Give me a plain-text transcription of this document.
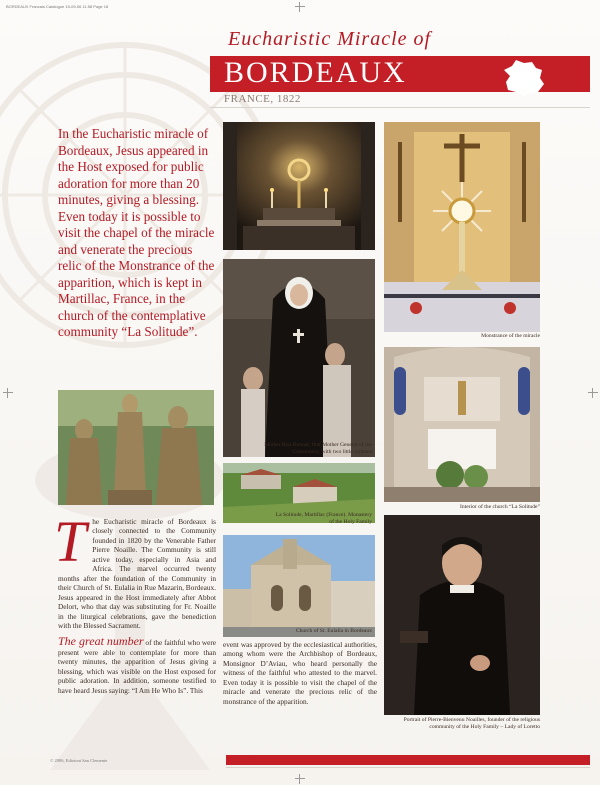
BORDEAUX Francais Catalogue 15-09-06 11:58 Page 18
Eucharistic Miracle of
BORDEAUX
FRANCE, 1822
In the Eucharistic miracle of Bordeaux, Jesus appeared in the Host exposed for public adoration for more than 20 minutes, giving a blessing. Even today it is possible to visit the chapel of the miracle and venerate the precious relic of the Monstrance of the apparition, which is kept in Martillac, France, in the church of the contemplative community “La Solitude”.	Monstrance of the miracle
Mother Rita Bonnat, first Mother General of the Community, with two little orphans
Interior of the church “La Solitude”
La Solitude, Martillac (France). Monastery of the Holy Family
Church of St. Eulalia in Bordeaux
Portrait of Pierre-Bienvenu Noailles, founder of the religious community of the Holy Family – Lady of Loretto

The Eucharistic miracle of Bordeaux is closely connected to the Community founded in 1820 by the Venerable Father Pierre Noaille. The Community is still active today, especially in Asia and Africa. The marvel occurred twenty months after the foundation of the Community in their Church of St. Eulalia in Rue Mazarin, Bordeaux. Jesus appeared in the Host immediately after Abbot Delort, who that day was substituting for Fr. Noaille in the liturgical celebrations, gave the benediction with the Blessed Sacrament.

The great number of the faithful who were present were able to contemplate for more than twenty minutes, the apparition of Jesus giving a blessing, which was visible on the Host exposed for public adoration. In addition, someone testified to have heard Jesus saying: “I Am He Who Is”. This

event was approved by the ecclesiastical authorities, among whom were the Archbishop of Bordeaux, Monsignor D’Aviau, who heard personally the witness of the faithful who attested to the marvel. Even today it is possible to visit the chapel of the miracle and venerate the precious relic of the monstrance of the apparition.

© 2006, Edizioni San Clemente
